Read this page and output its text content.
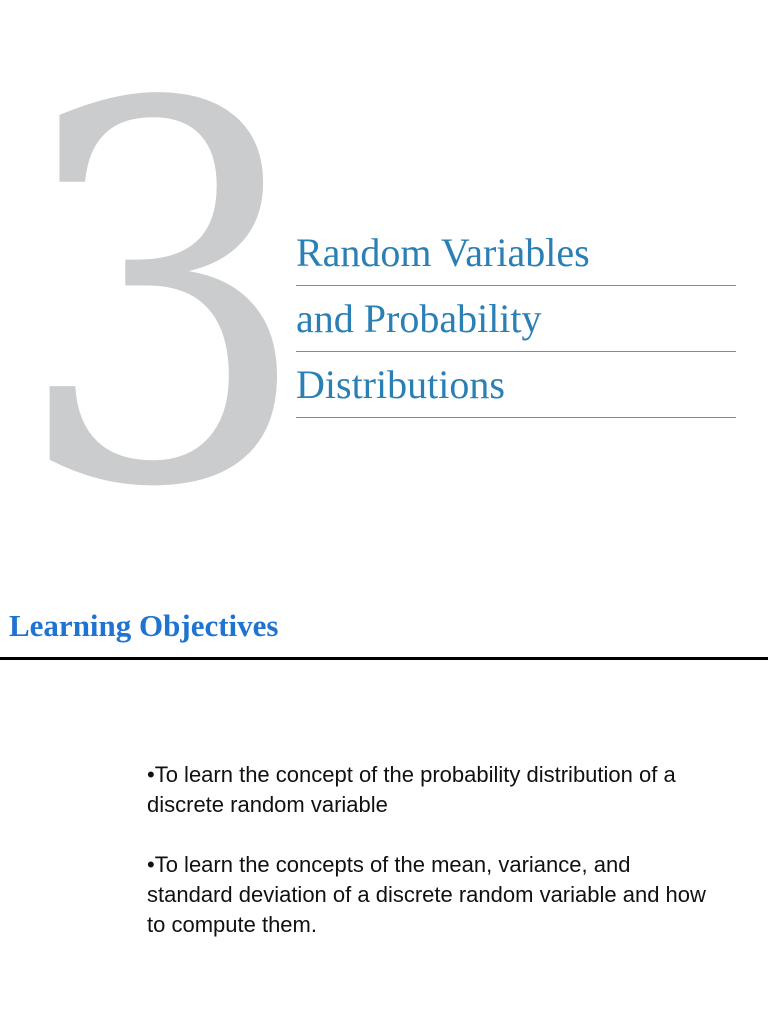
3
Random Variables
and Probability
Distributions
Learning Objectives
•To learn the concept of the probability distribution of a discrete random variable
•To learn the concepts of the mean, variance, and standard deviation of a discrete random variable and how to compute them.
